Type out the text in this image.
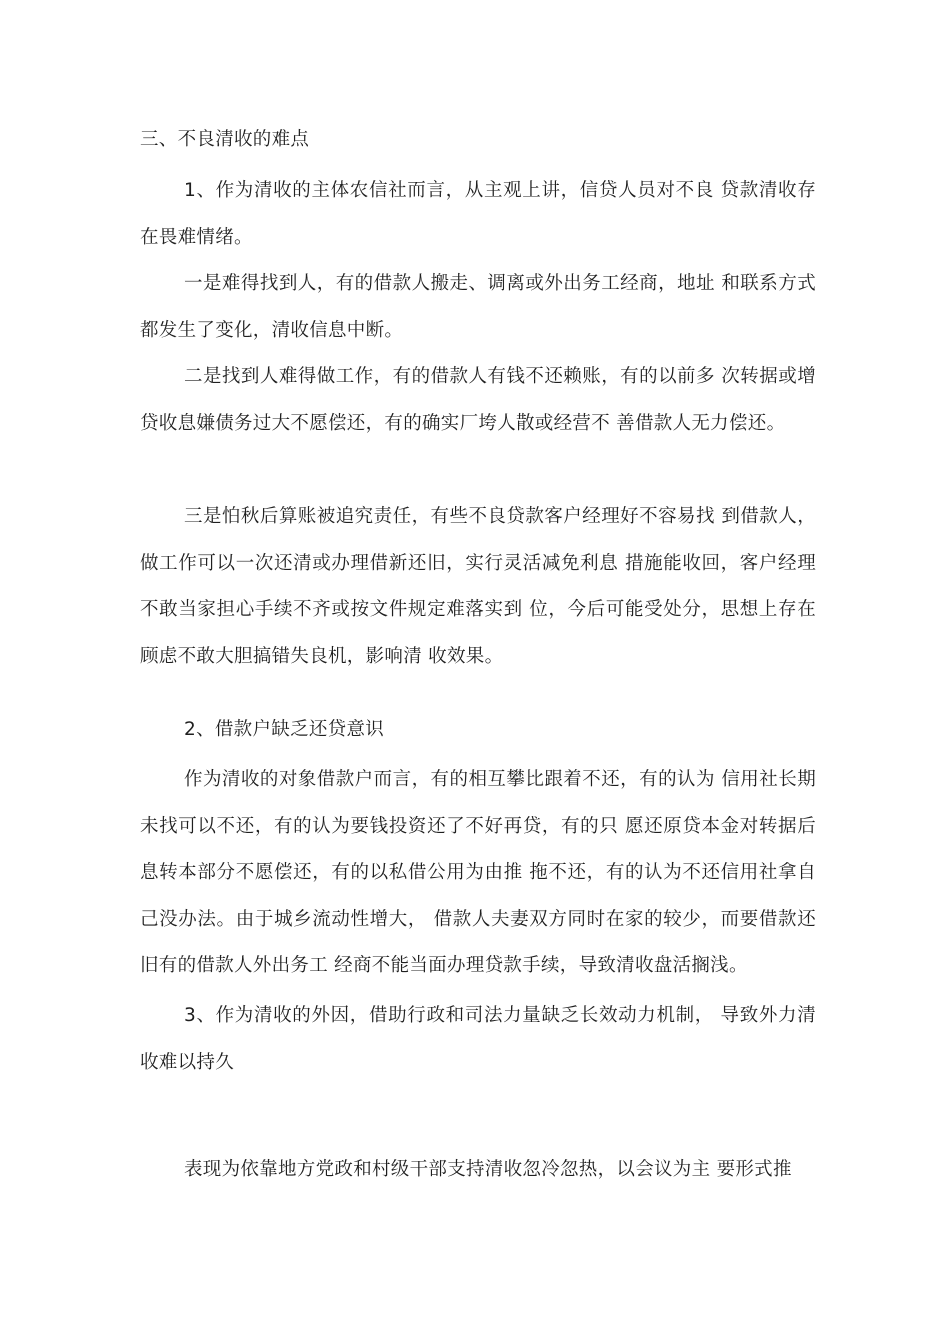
三、不良清收的难点

1、作为清收的主体农信社而言，从主观上讲，信贷人员对不良 贷款清收存在畏难情绪。

一是难得找到人，有的借款人搬走、调离或外出务工经商，地址 和联系方式都发生了变化，清收信息中断。

二是找到人难得做工作，有的借款人有钱不还赖账，有的以前多 次转据或增贷收息嫌债务过大不愿偿还，有的确实厂垮人散或经营不 善借款人无力偿还。

三是怕秋后算账被追究责任，有些不良贷款客户经理好不容易找 到借款人，做工作可以一次还清或办理借新还旧，实行灵活减免利息 措施能收回，客户经理不敢当家担心手续不齐或按文件规定难落实到 位，今后可能受处分，思想上存在顾虑不敢大胆搞错失良机，影响清 收效果。

2、借款户缺乏还贷意识

作为清收的对象借款户而言，有的相互攀比跟着不还，有的认为 信用社长期未找可以不还，有的认为要钱投资还了不好再贷，有的只 愿还原贷本金对转据后息转本部分不愿偿还，有的以私借公用为由推 拖不还，有的认为不还信用社拿自己没办法。由于城乡流动性增大， 借款人夫妻双方同时在家的较少，而要借款还旧有的借款人外出务工 经商不能当面办理贷款手续，导致清收盘活搁浅。

3、作为清收的外因，借助行政和司法力量缺乏长效动力机制， 导致外力清收难以持久

表现为依靠地方党政和村级干部支持清收忽冷忽热，以会议为主 要形式推
